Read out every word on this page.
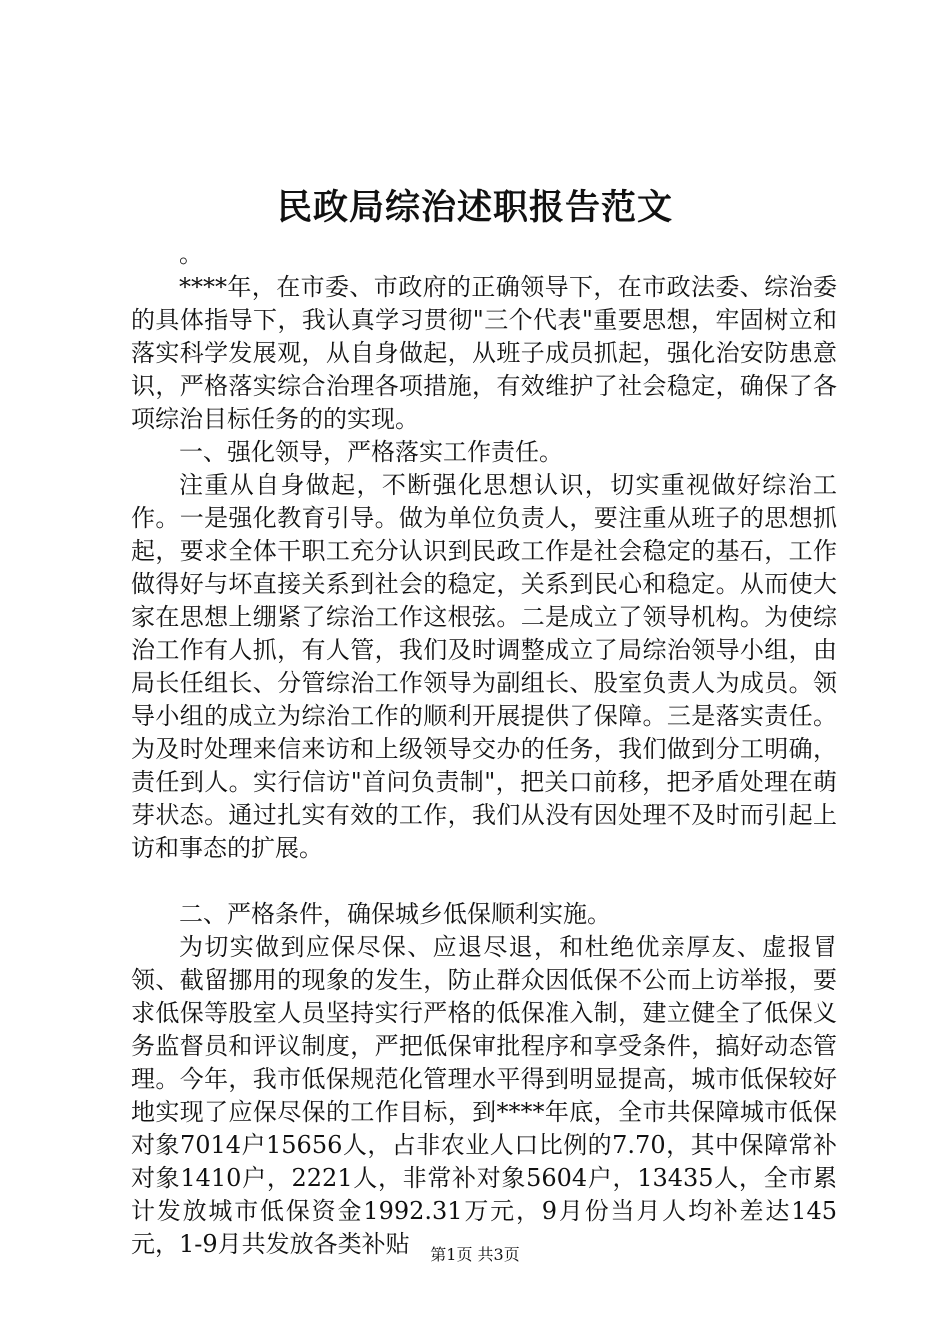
民政局综治述职报告范文

。

****年，在市委、市政府的正确领导下，在市政法委、综治委的具体指导下，我认真学习贯彻"三个代表"重要思想，牢固树立和落实科学发展观，从自身做起，从班子成员抓起，强化治安防患意识，严格落实综合治理各项措施，有效维护了社会稳定，确保了各项综治目标任务的的实现。

一、强化领导，严格落实工作责任。

注重从自身做起，不断强化思想认识，切实重视做好综治工作。一是强化教育引导。做为单位负责人，要注重从班子的思想抓起，要求全体干职工充分认识到民政工作是社会稳定的基石，工作做得好与坏直接关系到社会的稳定，关系到民心和稳定。从而使大家在思想上绷紧了综治工作这根弦。二是成立了领导机构。为使综治工作有人抓，有人管，我们及时调整成立了局综治领导小组，由局长任组长、分管综治工作领导为副组长、股室负责人为成员。领导小组的成立为综治工作的顺利开展提供了保障。三是落实责任。为及时处理来信来访和上级领导交办的任务，我们做到分工明确，责任到人。实行信访"首问负责制"，把关口前移，把矛盾处理在萌芽状态。通过扎实有效的工作，我们从没有因处理不及时而引起上访和事态的扩展。

二、严格条件，确保城乡低保顺利实施。

为切实做到应保尽保、应退尽退，和杜绝优亲厚友、虚报冒领、截留挪用的现象的发生，防止群众因低保不公而上访举报，要求低保等股室人员坚持实行严格的低保准入制，建立健全了低保义务监督员和评议制度，严把低保审批程序和享受条件，搞好动态管理。今年，我市低保规范化管理水平得到明显提高，城市低保较好地实现了应保尽保的工作目标，到****年底，全市共保障城市低保对象7014户15656人，占非农业人口比例的7.70，其中保障常补对象1410户，2221人，非常补对象5604户，13435人，全市累计发放城市低保资金1992.31万元，9月份当月人均补差达145元，1-9月共发放各类补贴	第1页 共3页
